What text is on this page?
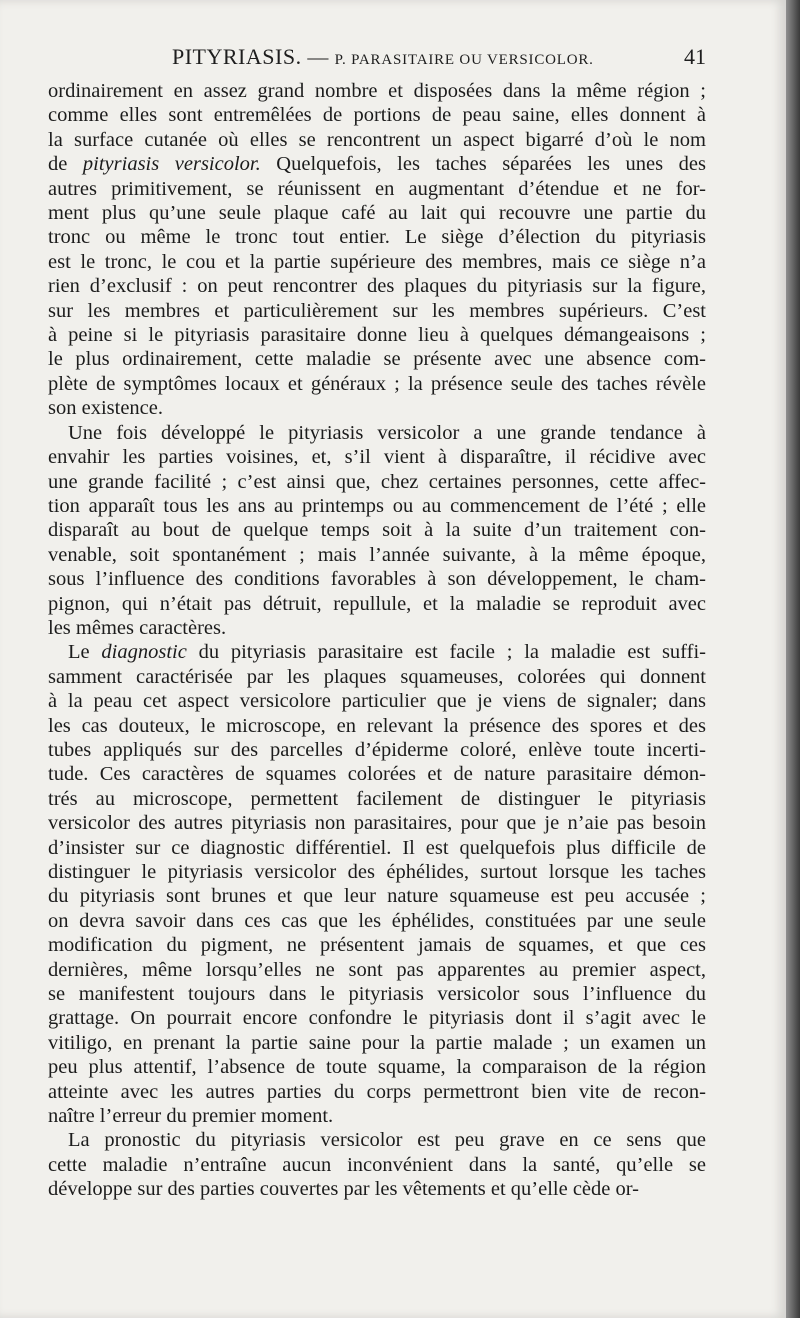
PITYRIASIS. — P. PARASITAIRE OU VERSICOLOR.	41

ordinairement en assez grand nombre et disposées dans la même région ;
comme elles sont entremêlées de portions de peau saine, elles donnent à
la surface cutanée où elles se rencontrent un aspect bigarré d’où le nom
de pityriasis versicolor. Quelquefois, les taches séparées les unes des
autres primitivement, se réunissent en augmentant d’étendue et ne for-
ment plus qu’une seule plaque café au lait qui recouvre une partie du
tronc ou même le tronc tout entier. Le siège d’élection du pityriasis
est le tronc, le cou et la partie supérieure des membres, mais ce siège n’a
rien d’exclusif : on peut rencontrer des plaques du pityriasis sur la figure,
sur les membres et particulièrement sur les membres supérieurs. C’est
à peine si le pityriasis parasitaire donne lieu à quelques démangeaisons ;
le plus ordinairement, cette maladie se présente avec une absence com-
plète de symptômes locaux et généraux ; la présence seule des taches révèle
son existence.

Une fois développé le pityriasis versicolor a une grande tendance à
envahir les parties voisines, et, s’il vient à disparaître, il récidive avec
une grande facilité ; c’est ainsi que, chez certaines personnes, cette affec-
tion apparaît tous les ans au printemps ou au commencement de l’été ; elle
disparaît au bout de quelque temps soit à la suite d’un traitement con-
venable, soit spontanément ; mais l’année suivante, à la même époque,
sous l’influence des conditions favorables à son développement, le cham-
pignon, qui n’était pas détruit, repullule, et la maladie se reproduit avec
les mêmes caractères.

Le diagnostic du pityriasis parasitaire est facile ; la maladie est suffi-
samment caractérisée par les plaques squameuses, colorées qui donnent
à la peau cet aspect versicolore particulier que je viens de signaler; dans
les cas douteux, le microscope, en relevant la présence des spores et des
tubes appliqués sur des parcelles d’épiderme coloré, enlève toute incerti-
tude. Ces caractères de squames colorées et de nature parasitaire démon-
trés au microscope, permettent facilement de distinguer le pityriasis
versicolor des autres pityriasis non parasitaires, pour que je n’aie pas besoin
d’insister sur ce diagnostic différentiel. Il est quelquefois plus difficile de
distinguer le pityriasis versicolor des éphélides, surtout lorsque les taches
du pityriasis sont brunes et que leur nature squameuse est peu accusée ;
on devra savoir dans ces cas que les éphélides, constituées par une seule
modification du pigment, ne présentent jamais de squames, et que ces
dernières, même lorsqu’elles ne sont pas apparentes au premier aspect,
se manifestent toujours dans le pityriasis versicolor sous l’influence du
grattage. On pourrait encore confondre le pityriasis dont il s’agit avec le
vitiligo, en prenant la partie saine pour la partie malade ; un examen un
peu plus attentif, l’absence de toute squame, la comparaison de la région
atteinte avec les autres parties du corps permettront bien vite de recon-
naître l’erreur du premier moment.

La pronostic du pityriasis versicolor est peu grave en ce sens que
cette maladie n’entraîne aucun inconvénient dans la santé, qu’elle se
développe sur des parties couvertes par les vêtements et qu’elle cède or-
